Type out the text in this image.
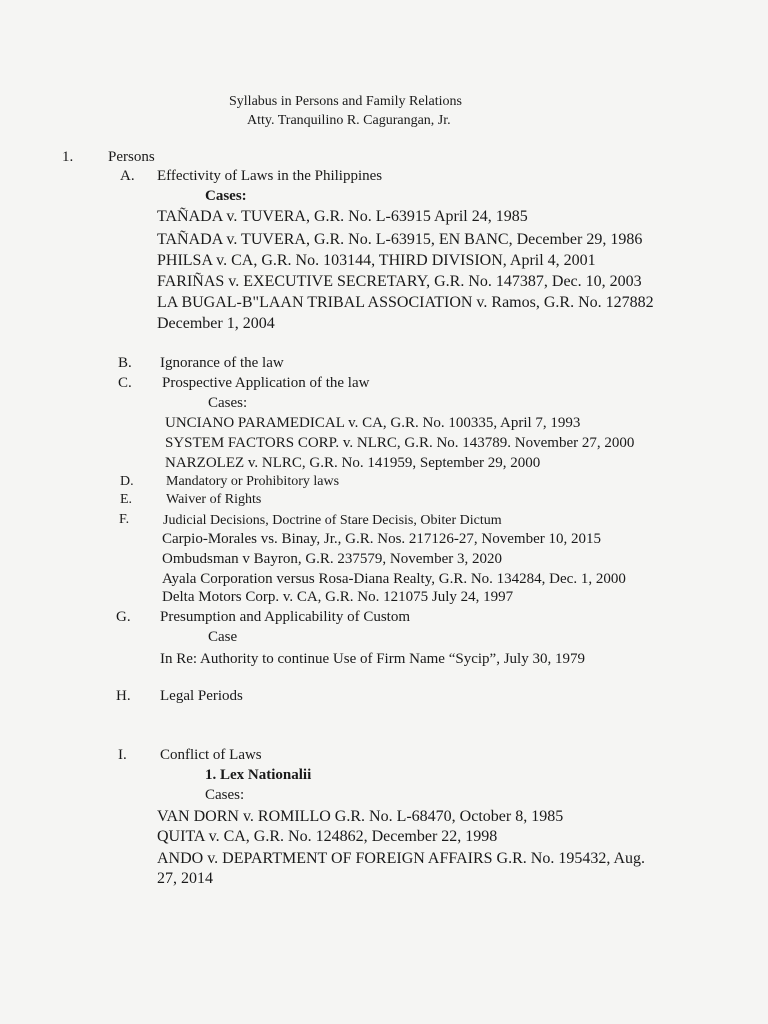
Syllabus in Persons and Family Relations
Atty. Tranquilino R. Cagurangan, Jr.
1. Persons
A. Effectivity of Laws in the Philippines
Cases:
TAÑADA v. TUVERA, G.R. No. L-63915 April 24, 1985
TAÑADA v. TUVERA, G.R. No. L-63915, EN BANC, December 29, 1986
PHILSA v. CA, G.R. No. 103144, THIRD DIVISION, April 4, 2001
FARIÑAS v. EXECUTIVE SECRETARY, G.R. No. 147387, Dec. 10, 2003
LA BUGAL-B"LAAN TRIBAL ASSOCIATION v. Ramos, G.R. No. 127882
December 1, 2004
B. Ignorance of the law
C. Prospective Application of the law
Cases:
UNCIANO PARAMEDICAL v. CA, G.R. No. 100335, April 7, 1993
SYSTEM FACTORS CORP. v. NLRC, G.R. No. 143789. November 27, 2000
NARZOLEZ v. NLRC, G.R. No. 141959, September 29, 2000
D. Mandatory or Prohibitory laws
E. Waiver of Rights
F. Judicial Decisions, Doctrine of Stare Decisis, Obiter Dictum
Carpio-Morales vs. Binay, Jr., G.R. Nos. 217126-27, November 10, 2015
Ombudsman v Bayron, G.R. 237579, November 3, 2020
Ayala Corporation versus Rosa-Diana Realty, G.R. No. 134284, Dec. 1, 2000
Delta Motors Corp. v. CA, G.R. No. 121075 July 24, 1997
G. Presumption and Applicability of Custom
Case
In Re: Authority to continue Use of Firm Name “Sycip”, July 30, 1979
H. Legal Periods
I. Conflict of Laws
1. Lex Nationalii
Cases:
VAN DORN v. ROMILLO G.R. No. L-68470, October 8, 1985
QUITA v. CA, G.R. No. 124862, December 22, 1998
ANDO v. DEPARTMENT OF FOREIGN AFFAIRS G.R. No. 195432, Aug.
27, 2014
